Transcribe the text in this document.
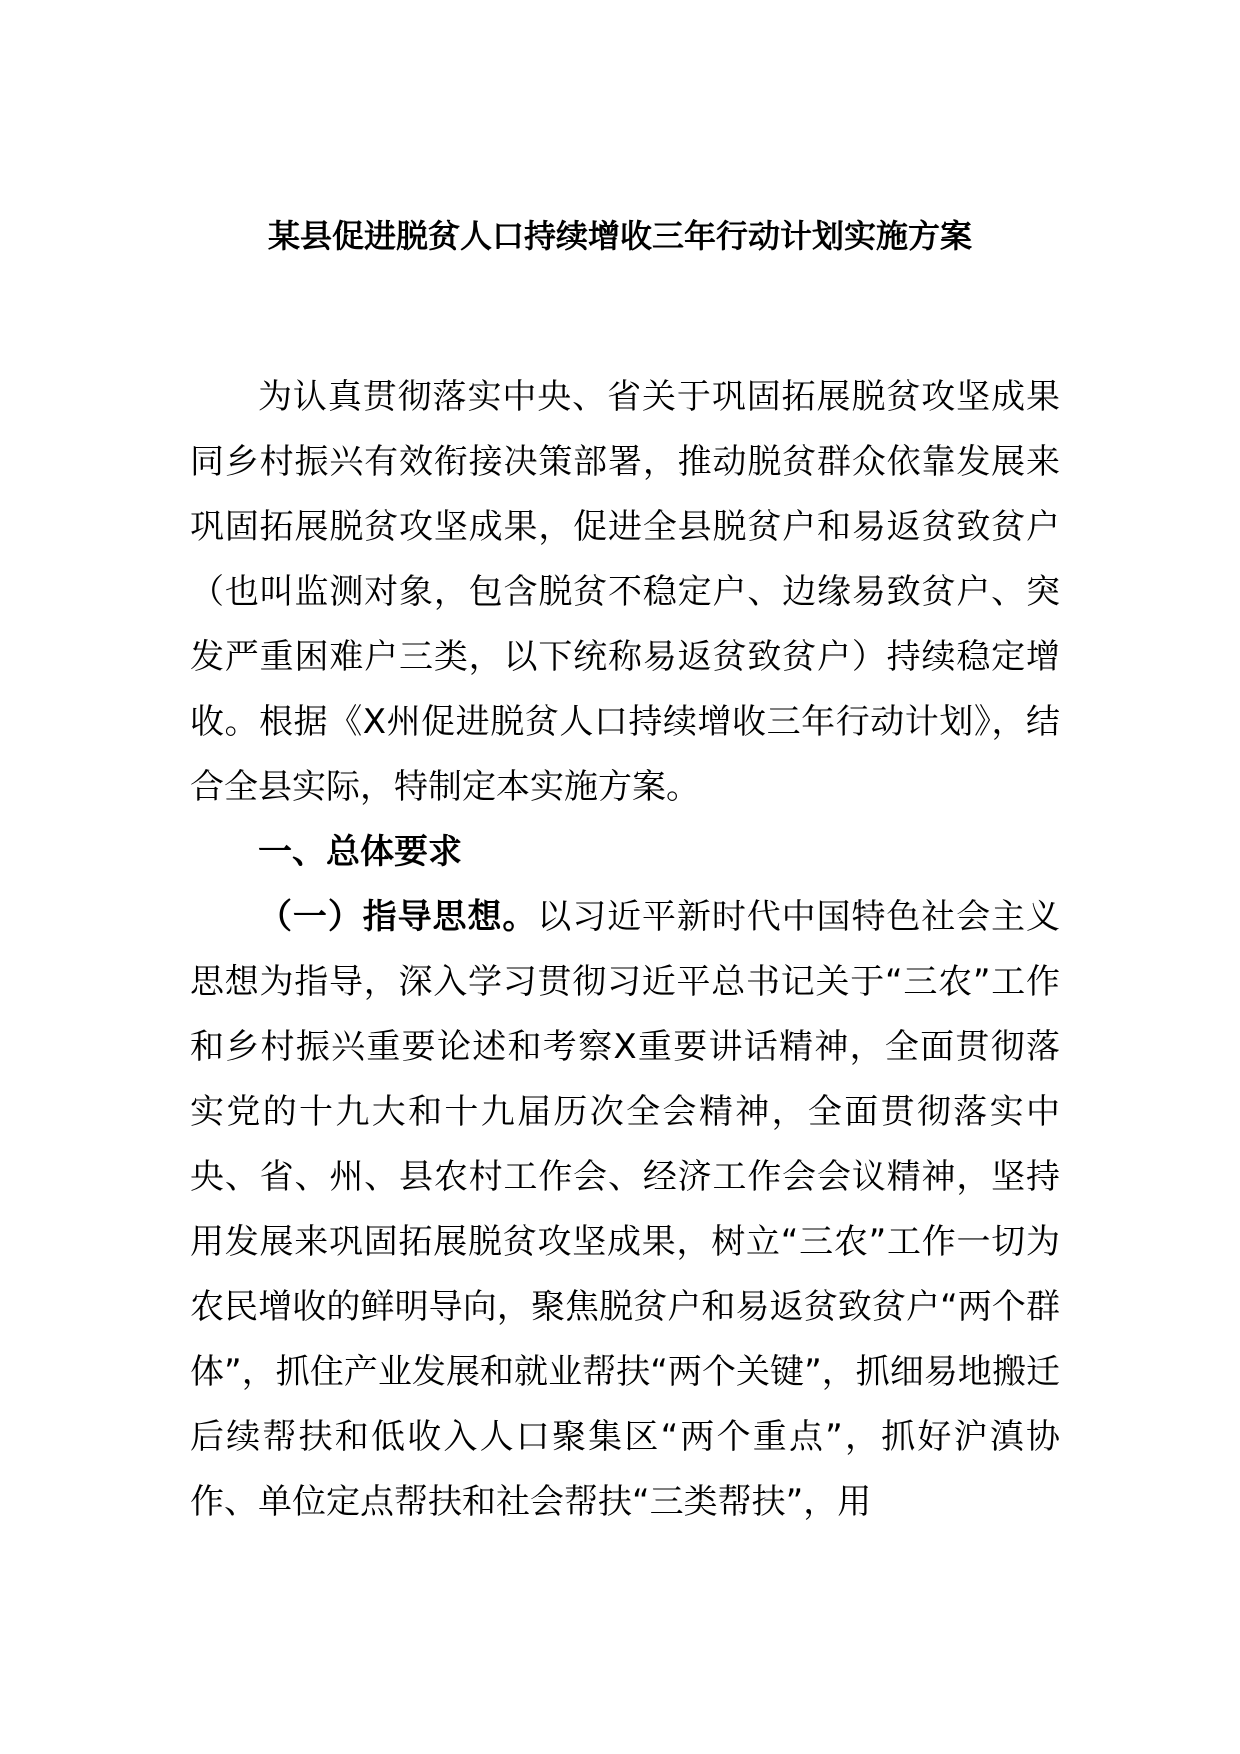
某县促进脱贫人口持续增收三年行动计划实施方案

为认真贯彻落实中央、省关于巩固拓展脱贫攻坚成果同乡村振兴有效衔接决策部署，推动脱贫群众依靠发展来巩固拓展脱贫攻坚成果，促进全县脱贫户和易返贫致贫户（也叫监测对象，包含脱贫不稳定户、边缘易致贫户、突发严重困难户三类，以下统称易返贫致贫户）持续稳定增收。根据《X州促进脱贫人口持续增收三年行动计划》，结合全县实际，特制定本实施方案。

一、总体要求

（一）指导思想。以习近平新时代中国特色社会主义思想为指导，深入学习贯彻习近平总书记关于“三农”工作和乡村振兴重要论述和考察X重要讲话精神，全面贯彻落实党的十九大和十九届历次全会精神，全面贯彻落实中央、省、州、县农村工作会、经济工作会会议精神，坚持用发展来巩固拓展脱贫攻坚成果，树立“三农”工作一切为农民增收的鲜明导向，聚焦脱贫户和易返贫致贫户“两个群体”，抓住产业发展和就业帮扶“两个关键”，抓细易地搬迁后续帮扶和低收入人口聚集区“两个重点”，抓好沪滇协作、单位定点帮扶和社会帮扶“三类帮扶”，用
